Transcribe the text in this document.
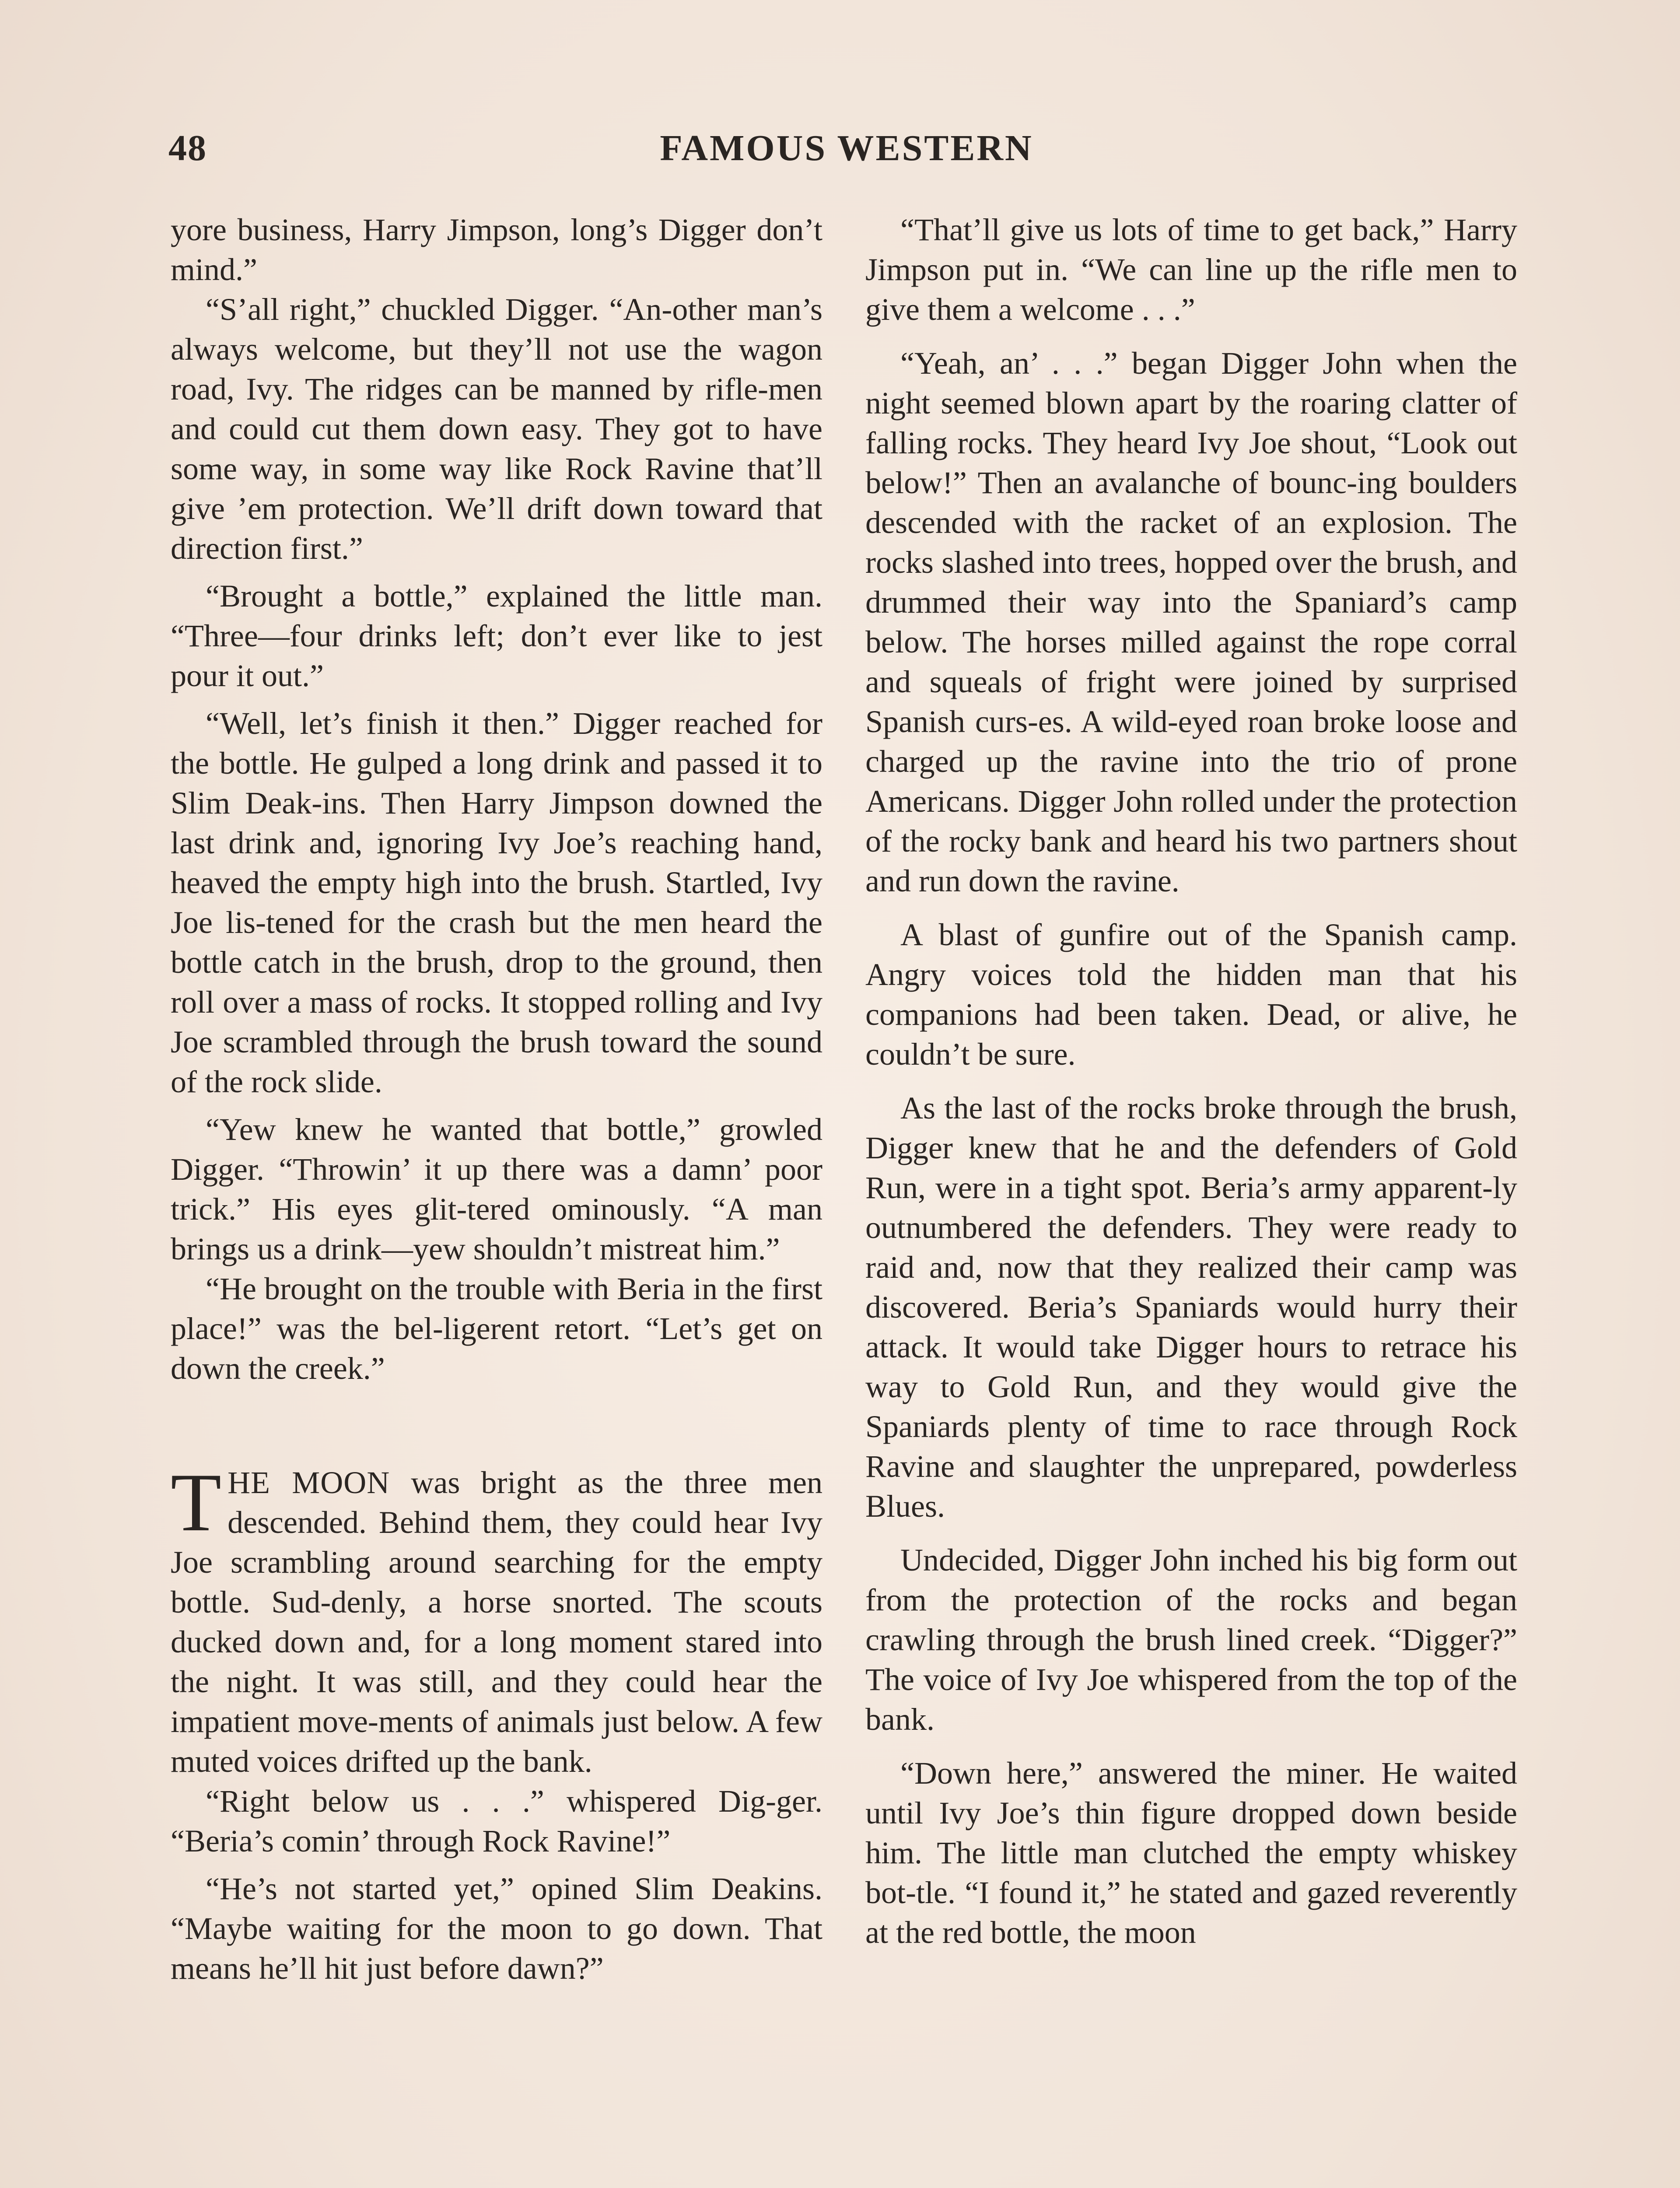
48	FAMOUS WESTERN

yore business, Harry Jimpson, long’s Digger don’t mind.”

“S’all right,” chuckled Digger. “An-other man’s always welcome, but they’ll not use the wagon road, Ivy. The ridges can be manned by rifle-men and could cut them down easy. They got to have some way, in some way like Rock Ravine that’ll give ’em protection. We’ll drift down toward that direction first.”

“Brought a bottle,” explained the little man. “Three—four drinks left; don’t ever like to jest pour it out.”

“Well, let’s finish it then.” Digger reached for the bottle. He gulped a long drink and passed it to Slim Deak-ins. Then Harry Jimpson downed the last drink and, ignoring Ivy Joe’s reaching hand, heaved the empty high into the brush. Startled, Ivy Joe lis-tened for the crash but the men heard the bottle catch in the brush, drop to the ground, then roll over a mass of rocks. It stopped rolling and Ivy Joe scrambled through the brush toward the sound of the rock slide.

“Yew knew he wanted that bottle,” growled Digger. “Throwin’ it up there was a damn’ poor trick.” His eyes glit-tered ominously. “A man brings us a drink—yew shouldn’t mistreat him.”

“He brought on the trouble with Beria in the first place!” was the bel-ligerent retort. “Let’s get on down the creek.”

THE MOON was bright as the three men descended. Behind them, they could hear Ivy Joe scrambling around searching for the empty bottle. Sud-denly, a horse snorted. The scouts ducked down and, for a long moment stared into the night. It was still, and they could hear the impatient move-ments of animals just below. A few muted voices drifted up the bank.

“Right below us . . .” whispered Dig-ger. “Beria’s comin’ through Rock Ravine!”

“He’s not started yet,” opined Slim Deakins. “Maybe waiting for the moon to go down. That means he’ll hit just before dawn?”

“That’ll give us lots of time to get back,” Harry Jimpson put in. “We can line up the rifle men to give them a welcome . . .”

“Yeah, an’ . . .” began Digger John when the night seemed blown apart by the roaring clatter of falling rocks. They heard Ivy Joe shout, “Look out below!” Then an avalanche of bounc-ing boulders descended with the racket of an explosion. The rocks slashed into trees, hopped over the brush, and drummed their way into the Spaniard’s camp below. The horses milled against the rope corral and squeals of fright were joined by surprised Spanish curs-es. A wild-eyed roan broke loose and charged up the ravine into the trio of prone Americans. Digger John rolled under the protection of the rocky bank and heard his two partners shout and run down the ravine.

A blast of gunfire out of the Spanish camp. Angry voices told the hidden man that his companions had been taken. Dead, or alive, he couldn’t be sure.

As the last of the rocks broke through the brush, Digger knew that he and the defenders of Gold Run, were in a tight spot. Beria’s army apparent-ly outnumbered the defenders. They were ready to raid and, now that they realized their camp was discovered. Beria’s Spaniards would hurry their attack. It would take Digger hours to retrace his way to Gold Run, and they would give the Spaniards plenty of time to race through Rock Ravine and slaughter the unprepared, powderless Blues.

Undecided, Digger John inched his big form out from the protection of the rocks and began crawling through the brush lined creek. “Digger?” The voice of Ivy Joe whispered from the top of the bank.

“Down here,” answered the miner. He waited until Ivy Joe’s thin figure dropped down beside him. The little man clutched the empty whiskey bot-tle. “I found it,” he stated and gazed reverently at the red bottle, the moon
